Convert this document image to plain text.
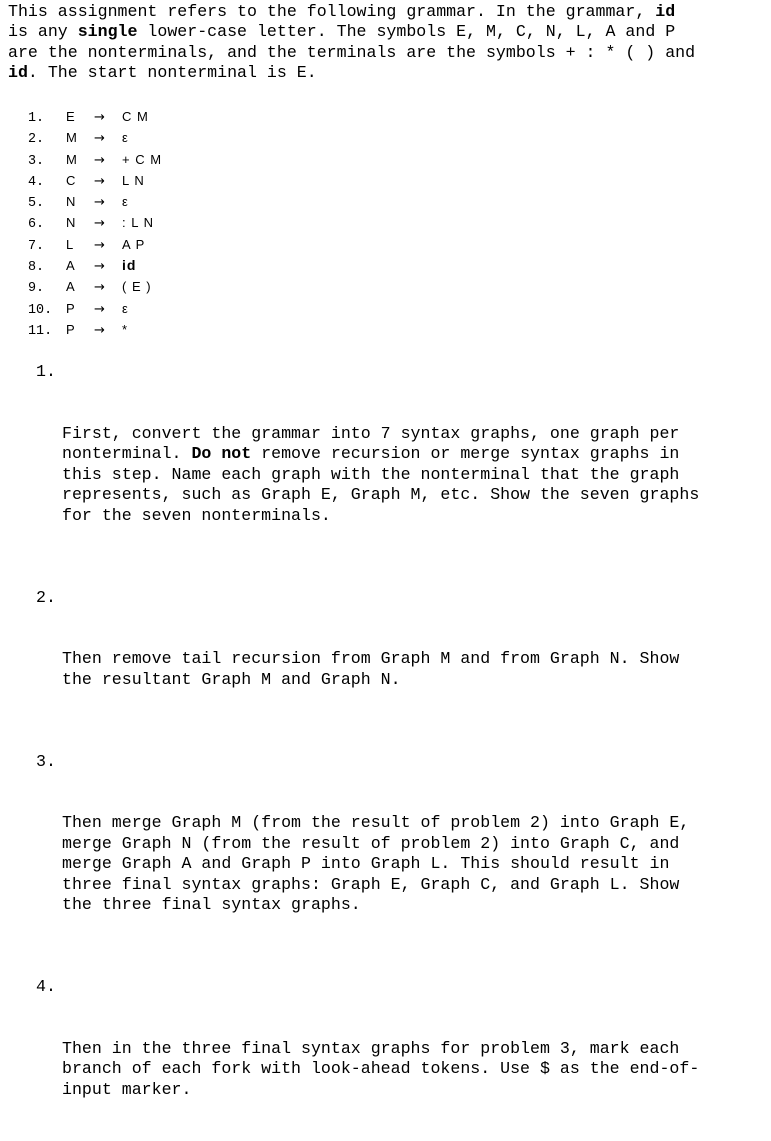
This assignment refers to the following grammar. In the grammar, id
is any single lower-case letter. The symbols E, M, C, N, L, A and P
are the nonterminals, and the terminals are the symbols + : * ( ) and
id. The start nonterminal is E.
1.	E	→	C M
2.	M	→	ε
3.	M	→	+ C M
4.	C	→	L N
5.	N	→	ε
6.	N	→	: L N
7.	L	→	A P
8.	A	→	id
9.	A	→	( E )
10.	P	→	ε
11.	P	→	*

1.

First, convert the grammar into 7 syntax graphs, one graph per
nonterminal. Do not remove recursion or merge syntax graphs in
this step. Name each graph with the nonterminal that the graph
represents, such as Graph E, Graph M, etc. Show the seven graphs
for the seven nonterminals.

2.

Then remove tail recursion from Graph M and from Graph N. Show
the resultant Graph M and Graph N.

3.

Then merge Graph M (from the result of problem 2) into Graph E,
merge Graph N (from the result of problem 2) into Graph C, and
merge Graph A and Graph P into Graph L. This should result in
three final syntax graphs: Graph E, Graph C, and Graph L. Show
the three final syntax graphs.

4.

Then in the three final syntax graphs for problem 3, mark each
branch of each fork with look-ahead tokens. Use $ as the end-of-
input marker.
